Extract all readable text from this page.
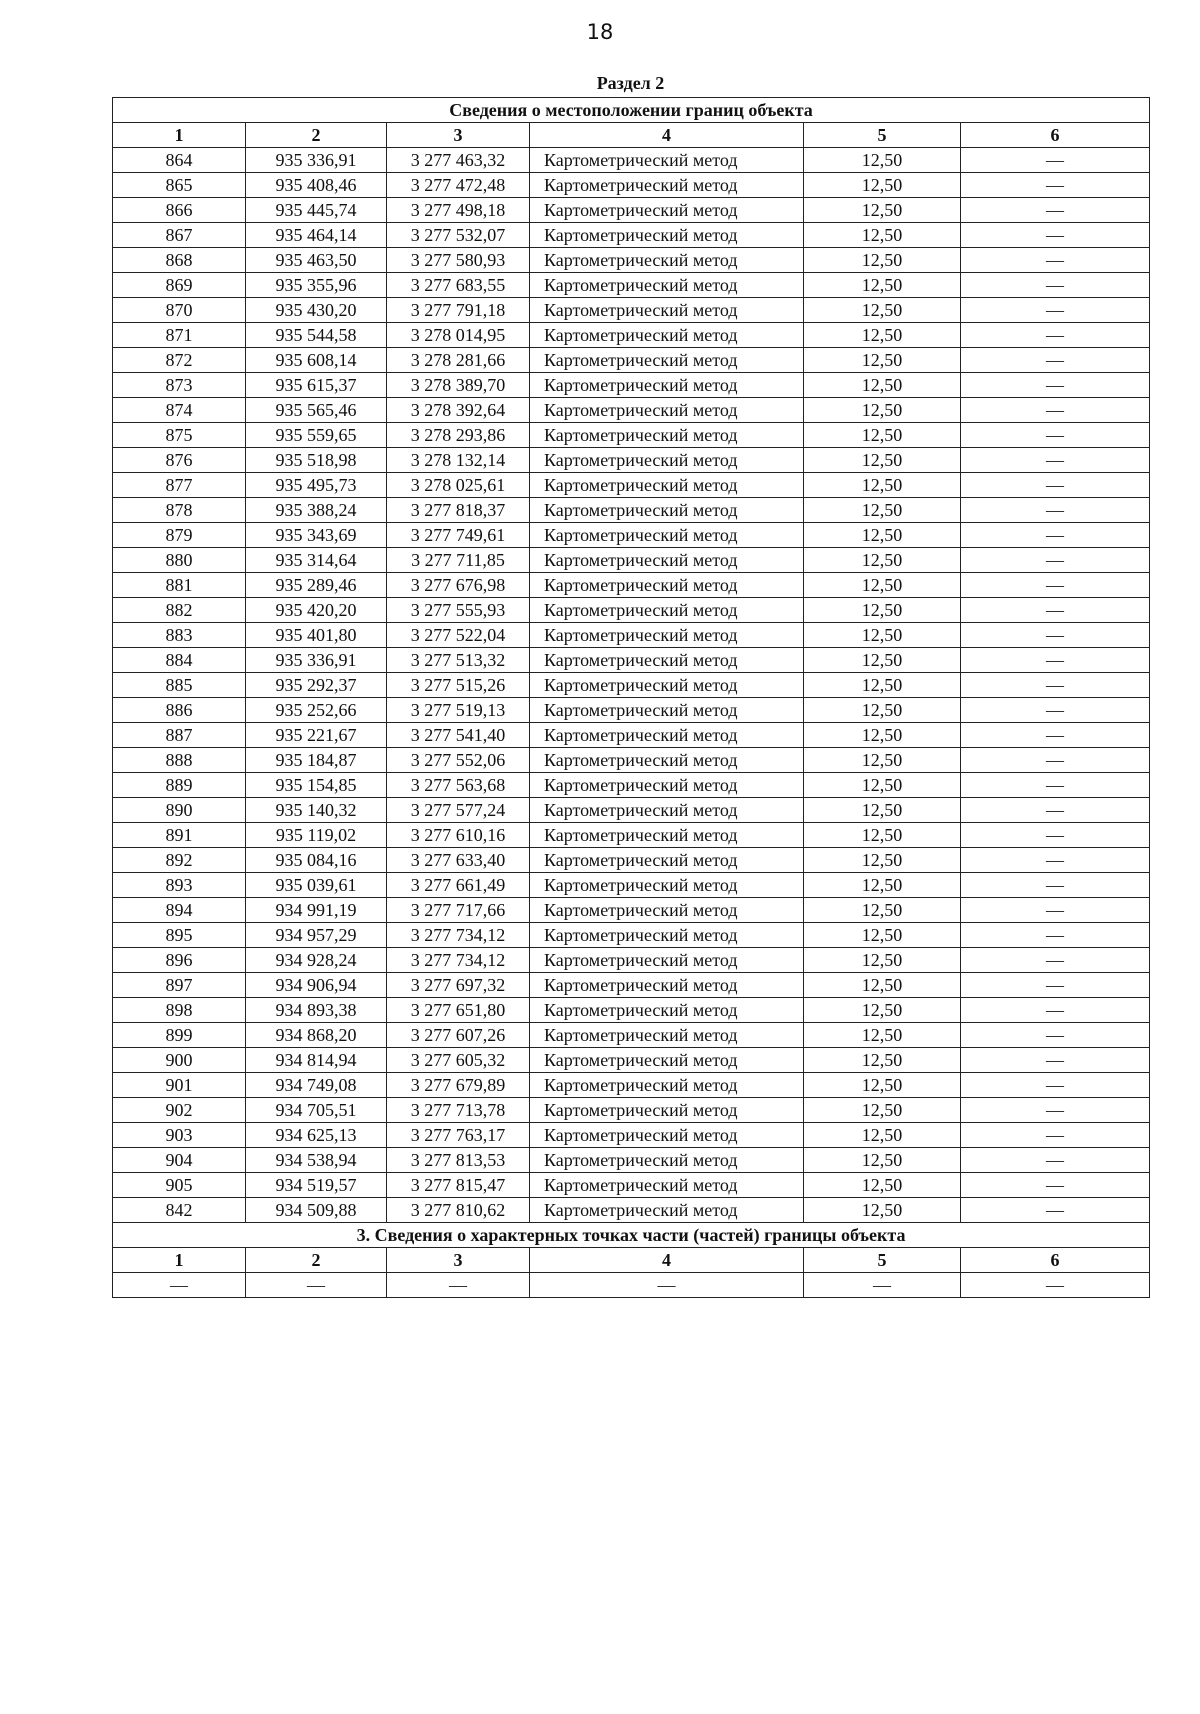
18
Раздел 2
Сведения о местоположении границ объекта					
1	2	3	4	5	6
864	935 336,91	3 277 463,32	Картометрический метод	12,50	—
865	935 408,46	3 277 472,48	Картометрический метод	12,50	—
866	935 445,74	3 277 498,18	Картометрический метод	12,50	—
867	935 464,14	3 277 532,07	Картометрический метод	12,50	—
868	935 463,50	3 277 580,93	Картометрический метод	12,50	—
869	935 355,96	3 277 683,55	Картометрический метод	12,50	—
870	935 430,20	3 277 791,18	Картометрический метод	12,50	—
871	935 544,58	3 278 014,95	Картометрический метод	12,50	—
872	935 608,14	3 278 281,66	Картометрический метод	12,50	—
873	935 615,37	3 278 389,70	Картометрический метод	12,50	—
874	935 565,46	3 278 392,64	Картометрический метод	12,50	—
875	935 559,65	3 278 293,86	Картометрический метод	12,50	—
876	935 518,98	3 278 132,14	Картометрический метод	12,50	—
877	935 495,73	3 278 025,61	Картометрический метод	12,50	—
878	935 388,24	3 277 818,37	Картометрический метод	12,50	—
879	935 343,69	3 277 749,61	Картометрический метод	12,50	—
880	935 314,64	3 277 711,85	Картометрический метод	12,50	—
881	935 289,46	3 277 676,98	Картометрический метод	12,50	—
882	935 420,20	3 277 555,93	Картометрический метод	12,50	—
883	935 401,80	3 277 522,04	Картометрический метод	12,50	—
884	935 336,91	3 277 513,32	Картометрический метод	12,50	—
885	935 292,37	3 277 515,26	Картометрический метод	12,50	—
886	935 252,66	3 277 519,13	Картометрический метод	12,50	—
887	935 221,67	3 277 541,40	Картометрический метод	12,50	—
888	935 184,87	3 277 552,06	Картометрический метод	12,50	—
889	935 154,85	3 277 563,68	Картометрический метод	12,50	—
890	935 140,32	3 277 577,24	Картометрический метод	12,50	—
891	935 119,02	3 277 610,16	Картометрический метод	12,50	—
892	935 084,16	3 277 633,40	Картометрический метод	12,50	—
893	935 039,61	3 277 661,49	Картометрический метод	12,50	—
894	934 991,19	3 277 717,66	Картометрический метод	12,50	—
895	934 957,29	3 277 734,12	Картометрический метод	12,50	—
896	934 928,24	3 277 734,12	Картометрический метод	12,50	—
897	934 906,94	3 277 697,32	Картометрический метод	12,50	—
898	934 893,38	3 277 651,80	Картометрический метод	12,50	—
899	934 868,20	3 277 607,26	Картометрический метод	12,50	—
900	934 814,94	3 277 605,32	Картометрический метод	12,50	—
901	934 749,08	3 277 679,89	Картометрический метод	12,50	—
902	934 705,51	3 277 713,78	Картометрический метод	12,50	—
903	934 625,13	3 277 763,17	Картометрический метод	12,50	—
904	934 538,94	3 277 813,53	Картометрический метод	12,50	—
905	934 519,57	3 277 815,47	Картометрический метод	12,50	—
842	934 509,88	3 277 810,62	Картометрический метод	12,50	—
3. Сведения о характерных точках части (частей) границы объекта					
1	2	3	4	5	6
—	—	—	—	—	—
